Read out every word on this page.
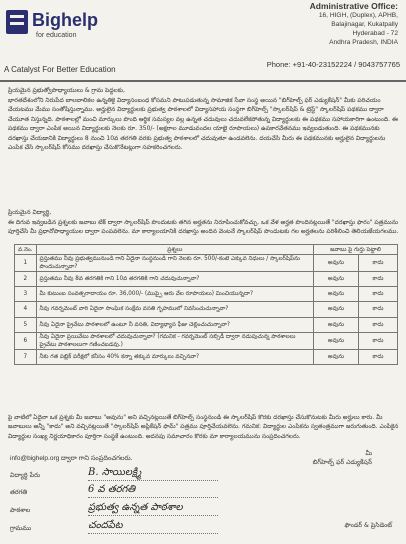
Bighelp
for education
A Catalyst For Better Education
Administrative Office:
16, HIGH, (Duplex), APHB,
Balajinagar, Kukatpally
Hyderabad - 72
Andhra Pradesh, INDIA
Phone: +91-40-23152224 / 9043757765
ప్రియమైన ప్రభుత్వోపాధ్యాయులు & గ్రామ పెద్దలకు,
భారతదేశంలోని నిరుపేద బాలబాలికల ఉన్నతికై విద్యాసంబంధ కోసమని పాటుపడుతున్న సామాజిక సేవా సంస్థ అయిన "బిగ్‌హెల్ప్ ఫర్ ఎడ్యుకేషన్" మీకు పరిచయం చేయటము మేము సంతోషిస్తున్నాము. అర్హులైన విద్యార్థులకు ప్రభుత్వ పాఠశాలలో విద్యాసహాయ సంస్థగా బిగ్‌హెల్ప్ "స్కాలర్‌షిప్ & ట్రెస్ట్" స్కాలర్‌షిప్ పథకము ద్వారా చేయూత నిస్తున్నది. పాఠశాలల్లో మంచి మార్కులు పొంది ఆర్థిక సమస్యల వల్ల ఉన్నత చదువులు చదువలేకపోతున్న విద్యార్థులకు ఈ పథకము సహాయకారిగా ఉంటుంది. ఈ పథకము ద్వారా ఎంపిక అయిన విద్యార్థులకు నెలకు రూ. 350/- (అక్షరాల మూడువందల యాభై రూపాయలు) ఉపకారవేతనము ఇవ్వబడుతుంది. ఈ పథకమునకు దరఖాస్తు చేయడానికి విద్యార్థులు 8 నుంచి 10వ తరగతి వరకు ప్రభుత్వ పాఠశాలలో చదువుతూ ఉండవలెను. దయచేసి మీరు ఈ పథకమునకు అర్హులైన విద్యార్థులను ఎంపిక చేసి స్కాలర్‌షిప్ కోసము దరఖాస్తు చేసుకొనేటట్లుగా సహకరించగలరు.
ప్రియమైన విద్యార్థి,
ఈ దిగువ ఇవ్వబడిన ప్రశ్నలకు జవాబు టిక్ ద్వారా స్కాలర్‌షిప్ పొందుటకు తగిన అర్హతను నిరూపించుకోవచ్చు. ఒక వేళ అర్హత పొందినట్లయితే "దరఖాస్తు ఫారం" పత్రమును పూర్తిచేసి మీ ప్రధానోపాధ్యాయుల ద్వారా పంపవలెను. మా కార్యాలయానికి దరఖాస్తు అందిన వెంటనే స్కాలర్‌షిప్ పొందుటకు గల అర్హతలను పరిశీలించి తెలియజేయగలము.
వ.నెం.	ప్రశ్నలు	జవాబు పై గుర్తు పెట్టాలి	
1	ప్రస్తుతము నీవు ప్రభుత్వమునుండి గాని ఏదైనా సంస్థనుండి గాని నెలకు రూ. 500/-కంటె ఎక్కువ నిధులు / స్కాలర్‌షిప్‌ను పొందుచున్నావా?	అవును	కాదు
2	ప్రస్తుతము నీవు 8వ తరగతికి గాని 10వ తరగతికి గాని చదువుచున్నావా?	అవును	కాదు
3	మీ కుటుంబ సంవత్సరాదాయం రూ. 36,000/- (ముప్పై ఆరు వేల రూపాయలు) మించియున్నదా?	అవును	కాదు
4	నీవు గవర్నమెంట్ వారి ఏదైనా సాంఘిక సంక్షేమ వసతి గృహములో నివసించుచున్నావా?	అవును	కాదు
5	నీవు ఏదైనా ప్రైవేటు పాఠశాలలో ఉంటూ నీ వసతి, విద్యాభ్యాస ఫీజు చెల్లించుచున్నావా?	అవును	కాదు
6	నీవు ఏదైనా ప్రయివేటు పాఠశాలలో చదువుచున్నావా? (గమనిక - గవర్నమెంట్ సబ్సిడీ ద్వారా నడుపుచున్న పాఠశాలలు ప్రైవేటు పాఠశాలలుగా గణించబడవు.)	అవును	కాదు
7	నీకు గత పబ్లిక్ పరీక్షలో కనీసం 40% కన్నా తక్కువ మార్కులు వచ్చినవా?	అవును	కాదు
పై వాటిలో ఏదైనా ఒక ప్రశ్నకు మీ జవాబు "అవును" అని వచ్చినట్లయితే బిగ్‌హెల్ప్ సంస్థనుండి ఈ స్కాలర్‌షిప్ కొరకు దరఖాస్తు చేసుకొనుటకు మీరు అర్హులు కారు. మీ జవాబులు అన్నీ "కాదు" అని వచ్చినట్లయితే "స్కాలర్‌షిప్ అప్లికేషన్ ఫామ్" పత్రము పూర్తిచేయవలెను. గమనిక: విద్యార్థుల ఎంపికను స్వతంత్రముగా జరుగుతుంది. ఎంపికైన విద్యార్థుల సంఖ్య నిర్ణయాధికారం పూర్తిగా సంస్థకే ఉంటుంది. అదనపు సమాచారం కొరకు మా కార్యాలయమును సంప్రదించగలరు.
info@bighelp.org ద్వారా గాని సంప్రదించగలరు.
మీ
బిగ్‌హెల్ప్ ఫర్ ఎడ్యుకేషన్
విద్యార్థి పేరు	B. సాయిలక్ష్మి
తరగతి	6 వ తరగతి
పాఠశాల	ప్రభుత్వ ఉన్నత పాఠశాల
గ్రామము	చందపేట	ఫౌండర్ & ప్రెసిడెంట్
